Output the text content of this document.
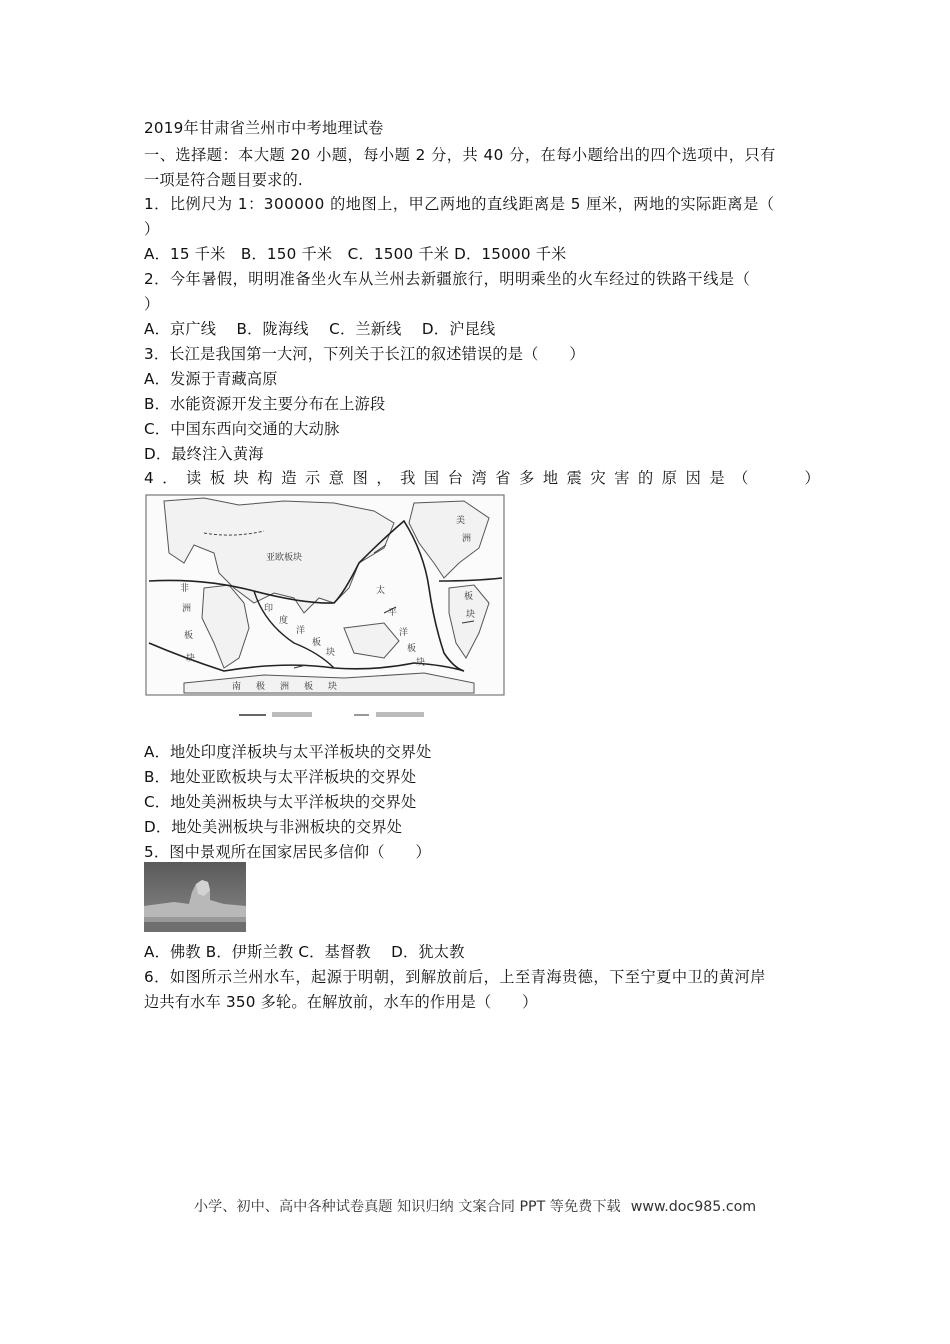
2019年甘肃省兰州市中考地理试卷
一、选择题：本大题 20 小题，每小题 2 分，共 40 分，在每小题给出的四个选项中，只有
一项是符合题目要求的.
1．比例尺为 1：300000 的地图上，甲乙两地的直线距离是 5 厘米，两地的实际距离是（
）
A．15 千米　B．150 千米　C．1500 千米 D．15000 千米
2．今年暑假，明明准备坐火车从兰州去新疆旅行，明明乘坐的火车经过的铁路干线是（
）
A．京广线　 B．陇海线　 C．兰新线　 D．沪昆线
3．长江是我国第一大河，下列关于长江的叙述错误的是（　　）
A．发源于青藏高原
B．水能资源开发主要分布在上游段
C．中国东西向交通的大动脉
D．最终注入黄海
4．读板块构造示意图，我国台湾省多地震灾害的原因是（　　）
亚欧板块
太
平
洋
板
块
美
洲
板
块
非
洲
板
块
印
度
洋
板
块
南 极 洲 板 块
A．地处印度洋板块与太平洋板块的交界处
B．地处亚欧板块与太平洋板块的交界处
C．地处美洲板块与太平洋板块的交界处
D．地处美洲板块与非洲板块的交界处
5．图中景观所在国家居民多信仰（　　）
A．佛教 B．伊斯兰教 C．基督教　 D．犹太教
6．如图所示兰州水车，起源于明朝，到解放前后，上至青海贵德，下至宁夏中卫的黄河岸
边共有水车 350 多轮。在解放前，水车的作用是（　　）
小学、初中、高中各种试卷真题 知识归纳 文案合同 PPT 等免费下载 www.doc985.com
